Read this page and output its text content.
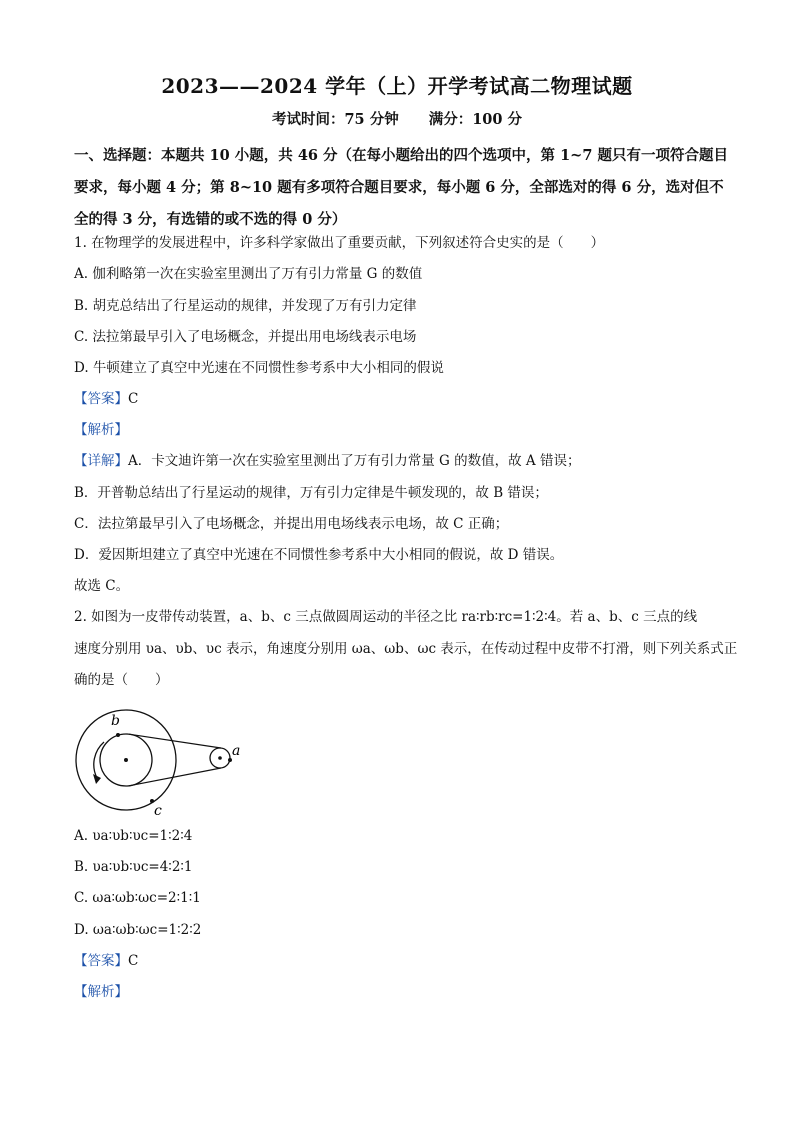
2023——2024 学年（上）开学考试高二物理试题
考试时间：75 分钟 满分：100 分
一、选择题：本题共 10 小题，共 46 分（在每小题给出的四个选项中，第 1~7 题只有一项符合题目要求，每小题 4 分；第 8~10 题有多项符合题目要求，每小题 6 分，全部选对的得 6 分，选对但不全的得 3 分，有选错的或不选的得 0 分）
1. 在物理学的发展进程中，许多科学家做出了重要贡献，下列叙述符合史实的是（　　）
A. 伽利略第一次在实验室里测出了万有引力常量 G 的数值
B. 胡克总结出了行星运动的规律，并发现了万有引力定律
C. 法拉第最早引入了电场概念，并提出用电场线表示电场
D. 牛顿建立了真空中光速在不同惯性参考系中大小相同的假说
【答案】C
【解析】
【详解】A．卡文迪许第一次在实验室里测出了万有引力常量 G 的数值，故 A 错误；
B．开普勒总结出了行星运动的规律，万有引力定律是牛顿发现的，故 B 错误；
C．法拉第最早引入了电场概念，并提出用电场线表示电场，故 C 正确；
D．爱因斯坦建立了真空中光速在不同惯性参考系中大小相同的假说，故 D 错误。
故选 C。
2. 如图为一皮带传动装置，a、b、c 三点做圆周运动的半径之比 ra∶rb∶rc=1∶2∶4。若 a、b、c 三点的线
速度分别用 υa、υb、υc 表示，角速度分别用 ωa、ωb、ωc 表示，在传动过程中皮带不打滑，则下列关系式正
确的是（　　）
b
a
c
A. υa∶υb∶υc=1∶2∶4
B. υa∶υb∶υc=4∶2∶1
C. ωa∶ωb∶ωc=2∶1∶1
D. ωa∶ωb∶ωc=1∶2∶2
【答案】C
【解析】
